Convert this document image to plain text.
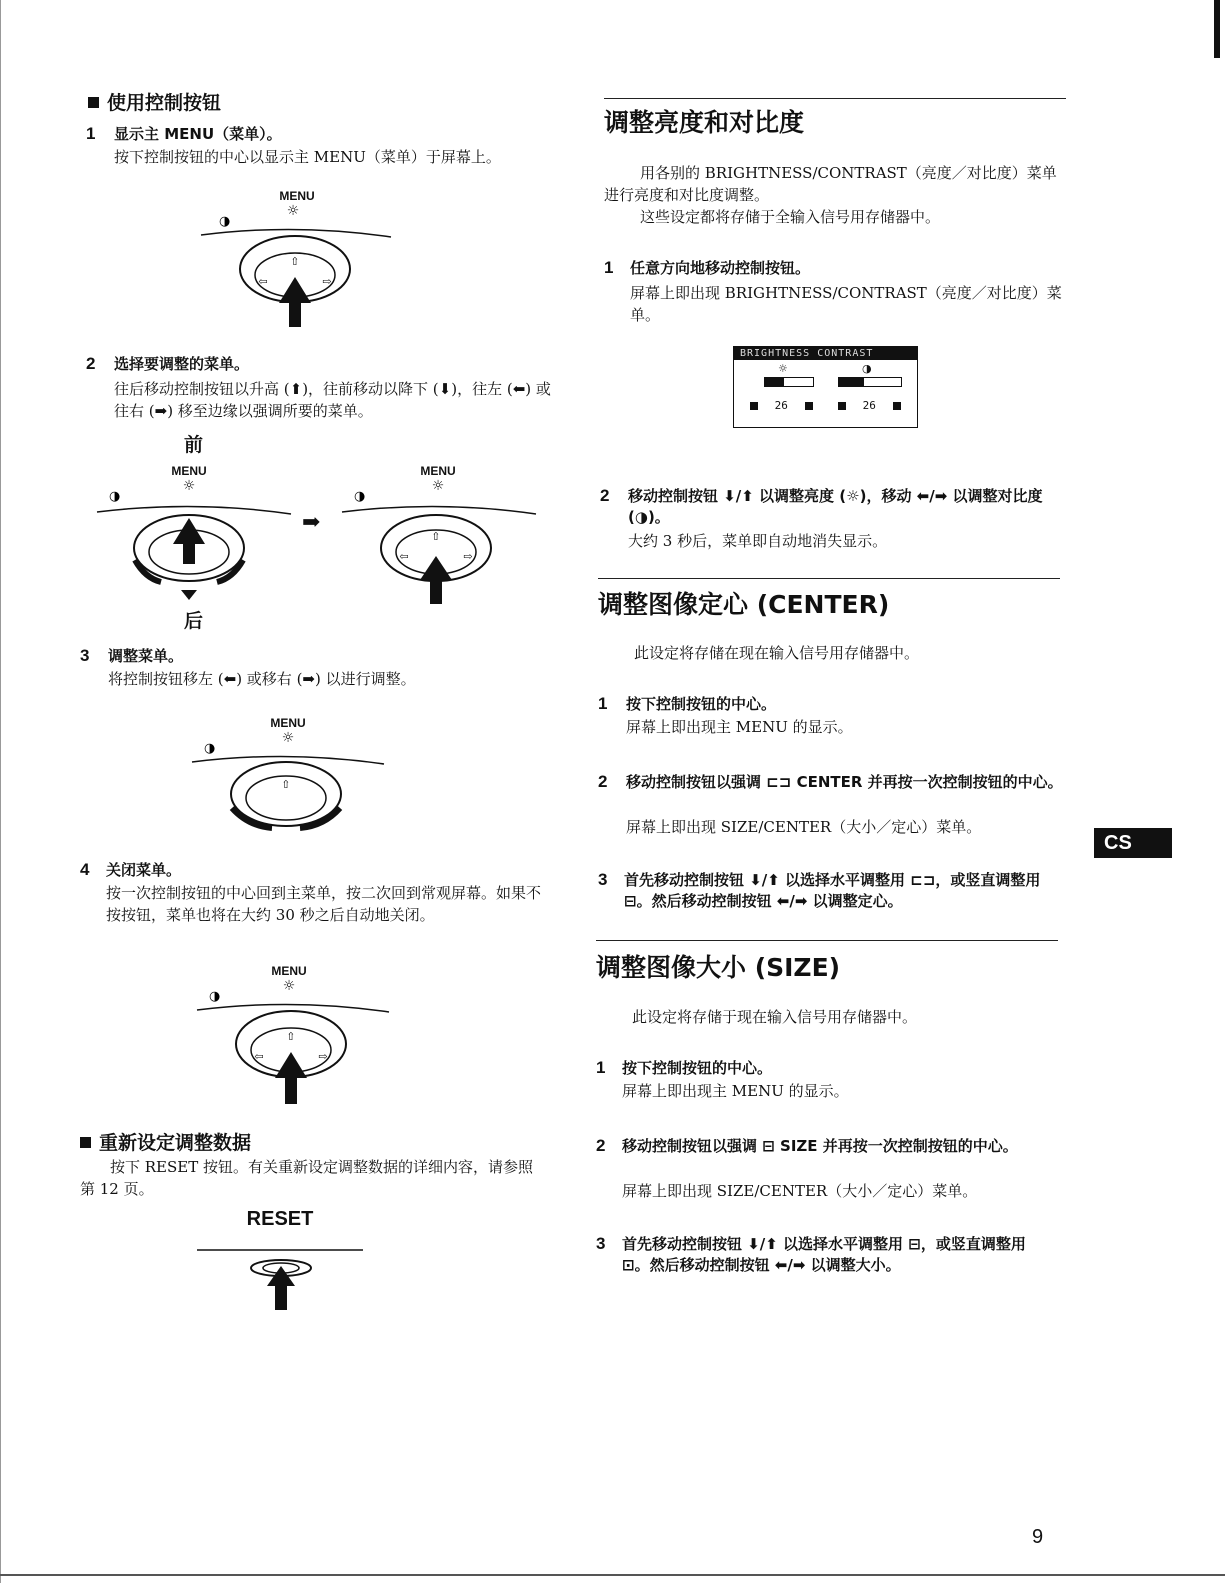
使用控制按钮
1 显示主 MENU（菜单）。
按下控制按钮的中心以显示主 MENU（菜单）于屏幕上。
MENU
☼
◑
⇧
⇦	⇨
2 选择要调整的菜单。
往后移动控制按钮以升高 (⬆)，往前移动以降下 (⬇)，往左 (⬅) 或往右 (➡) 移至边缘以强调所要的菜单。
前
MENU
☼
◑
后
➡
MENU
☼
◑
⇧
⇦	⇨
3 调整菜单。
将控制按钮移左 (⬅) 或移右 (➡) 以进行调整。
MENU
☼
◑
⇧
4 关闭菜单。
按一次控制按钮的中心回到主菜单，按二次回到常观屏幕。如果不按按钮，菜单也将在大约 30 秒之后自动地关闭。
MENU
☼
◑
⇧
⇦	⇨
重新设定调整数据
按下 RESET 按钮。有关重新设定调整数据的详细内容，请参照第 12 页。
RESET
调整亮度和对比度
用各别的 BRIGHTNESS/CONTRAST（亮度／对比度）菜单进行亮度和对比度调整。
这些设定都将存储于全输入信号用存储器中。
1 任意方向地移动控制按钮。
屏幕上即出现 BRIGHTNESS/CONTRAST（亮度／对比度）菜单。
BRIGHTNESS CONTRAST
☼	◑
26	26
2 移动控制按钮 ⬇/⬆ 以调整亮度 (☼)，移动 ⬅/➡ 以调整对比度 (◑)。
大约 3 秒后，菜单即自动地消失显示。
调整图像定心 (CENTER)
此设定将存储在现在输入信号用存储器中。
1 按下控制按钮的中心。
屏幕上即出现主 MENU 的显示。
2 移动控制按钮以强调 ⊏⊐ CENTER 并再按一次控制按钮的中心。
屏幕上即出现 SIZE/CENTER（大小／定心）菜单。
3 首先移动控制按钮 ⬇/⬆ 以选择水平调整用 ⊏⊐，或竖直调整用 ⊟。然后移动控制按钮 ⬅/➡ 以调整定心。
调整图像大小 (SIZE)
此设定将存储于现在输入信号用存储器中。
1 按下控制按钮的中心。
屏幕上即出现主 MENU 的显示。
2 移动控制按钮以强调 ⊟ SIZE 并再按一次控制按钮的中心。
屏幕上即出现 SIZE/CENTER（大小／定心）菜单。
3 首先移动控制按钮 ⬇/⬆ 以选择水平调整用 ⊟，或竖直调整用 ⊡。然后移动控制按钮 ⬅/➡ 以调整大小。
CS
9
